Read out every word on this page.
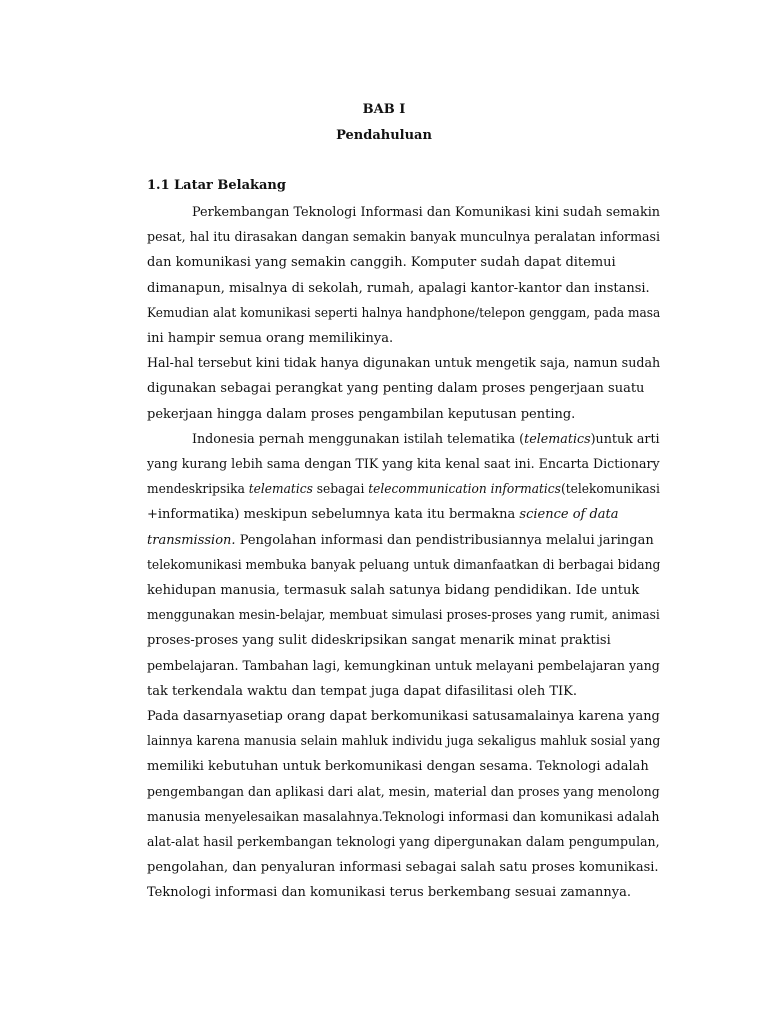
BAB I

Pendahuluan

1.1 Latar Belakang

Perkembangan Teknologi Informasi dan Komunikasi kini sudah semakin

pesat, hal itu dirasakan dangan semakin banyak munculnya peralatan informasi

dan komunikasi yang semakin canggih. Komputer sudah dapat ditemui

dimanapun, misalnya di sekolah, rumah, apalagi kantor-kantor dan instansi.

Kemudian alat komunikasi seperti halnya handphone/telepon genggam, pada masa

ini hampir semua orang memilikinya.

Hal-hal tersebut kini tidak hanya digunakan untuk mengetik saja, namun sudah

digunakan sebagai perangkat yang penting dalam proses pengerjaan suatu

pekerjaan hingga dalam proses pengambilan keputusan penting.

Indonesia pernah menggunakan istilah telematika (telematics)untuk arti

yang kurang lebih sama dengan TIK yang kita kenal saat ini. Encarta Dictionary

mendeskripsika telematics sebagai telecommunication informatics(telekomunikasi

+informatika) meskipun sebelumnya kata itu bermakna science of data

transmission. Pengolahan informasi dan pendistribusiannya melalui jaringan

telekomunikasi membuka banyak peluang untuk dimanfaatkan di berbagai bidang

kehidupan manusia, termasuk salah satunya bidang pendidikan. Ide untuk

menggunakan mesin-belajar, membuat simulasi proses-proses yang rumit, animasi

proses-proses yang sulit dideskripsikan sangat menarik minat praktisi

pembelajaran. Tambahan lagi, kemungkinan untuk melayani pembelajaran yang

tak terkendala waktu dan tempat juga dapat difasilitasi oleh TIK.

Pada dasarnyasetiap orang dapat berkomunikasi satusamalainya karena yang

lainnya karena manusia selain mahluk individu juga sekaligus mahluk sosial yang

memiliki kebutuhan untuk berkomunikasi dengan sesama. Teknologi adalah

pengembangan dan aplikasi dari alat, mesin, material dan proses yang menolong

manusia menyelesaikan masalahnya.Teknologi informasi dan komunikasi adalah

alat-alat hasil perkembangan teknologi yang dipergunakan dalam pengumpulan,

pengolahan, dan penyaluran informasi sebagai salah satu proses komunikasi.

Teknologi informasi dan komunikasi terus berkembang sesuai zamannya.
